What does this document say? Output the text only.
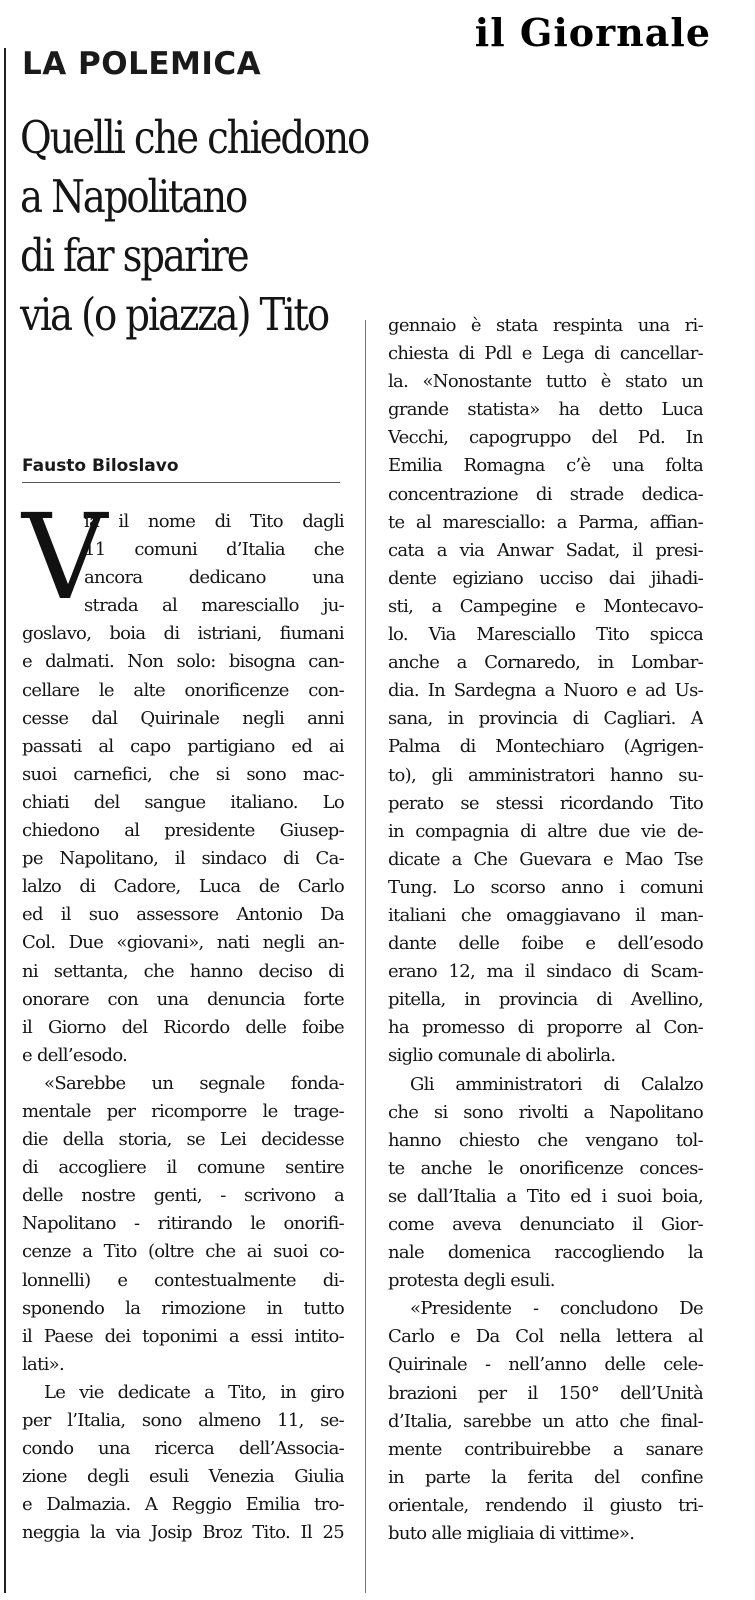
il Giornale
LA POLEMICA
Quelli che chiedono
a Napolitano
di far sparire
via (o piazza) Tito
Fausto Biloslavo
V
ia il nome di Tito dagli
11 comuni d’Italia che
ancora dedicano una
strada al maresciallo ju-
goslavo, boia di istriani, fiumani
e dalmati. Non solo: bisogna can-
cellare le alte onorificenze con-
cesse dal Quirinale negli anni
passati al capo partigiano ed ai
suoi carnefici, che si sono mac-
chiati del sangue italiano. Lo
chiedono al presidente Giusep-
pe Napolitano, il sindaco di Ca-
lalzo di Cadore, Luca de Carlo
ed il suo assessore Antonio Da
Col. Due «giovani», nati negli an-
ni settanta, che hanno deciso di
onorare con una denuncia forte
il Giorno del Ricordo delle foibe
e dell’esodo.
«Sarebbe un segnale fonda-
mentale per ricomporre le trage-
die della storia, se Lei decidesse
di accogliere il comune sentire
delle nostre genti, - scrivono a
Napolitano - ritirando le onorifi-
cenze a Tito (oltre che ai suoi co-
lonnelli) e contestualmente di-
sponendo la rimozione in tutto
il Paese dei toponimi a essi intito-
lati».
Le vie dedicate a Tito, in giro
per l’Italia, sono almeno 11, se-
condo una ricerca dell’Associa-
zione degli esuli Venezia Giulia
e Dalmazia. A Reggio Emilia tro-
neggia la via Josip Broz Tito. Il 25
gennaio è stata respinta una ri-
chiesta di Pdl e Lega di cancellar-
la. «Nonostante tutto è stato un
grande statista» ha detto Luca
Vecchi, capogruppo del Pd. In
Emilia Romagna c’è una folta
concentrazione di strade dedica-
te al maresciallo: a Parma, affian-
cata a via Anwar Sadat, il presi-
dente egiziano ucciso dai jihadi-
sti, a Campegine e Montecavo-
lo. Via Maresciallo Tito spicca
anche a Cornaredo, in Lombar-
dia. In Sardegna a Nuoro e ad Us-
sana, in provincia di Cagliari. A
Palma di Montechiaro (Agrigen-
to), gli amministratori hanno su-
perato se stessi ricordando Tito
in compagnia di altre due vie de-
dicate a Che Guevara e Mao Tse
Tung. Lo scorso anno i comuni
italiani che omaggiavano il man-
dante delle foibe e dell’esodo
erano 12, ma il sindaco di Scam-
pitella, in provincia di Avellino,
ha promesso di proporre al Con-
siglio comunale di abolirla.
Gli amministratori di Calalzo
che si sono rivolti a Napolitano
hanno chiesto che vengano tol-
te anche le onorificenze conces-
se dall’Italia a Tito ed i suoi boia,
come aveva denunciato il Gior-
nale domenica raccogliendo la
protesta degli esuli.
«Presidente - concludono De
Carlo e Da Col nella lettera al
Quirinale - nell’anno delle cele-
brazioni per il 150° dell’Unità
d’Italia, sarebbe un atto che final-
mente contribuirebbe a sanare
in parte la ferita del confine
orientale, rendendo il giusto tri-
buto alle migliaia di vittime».
